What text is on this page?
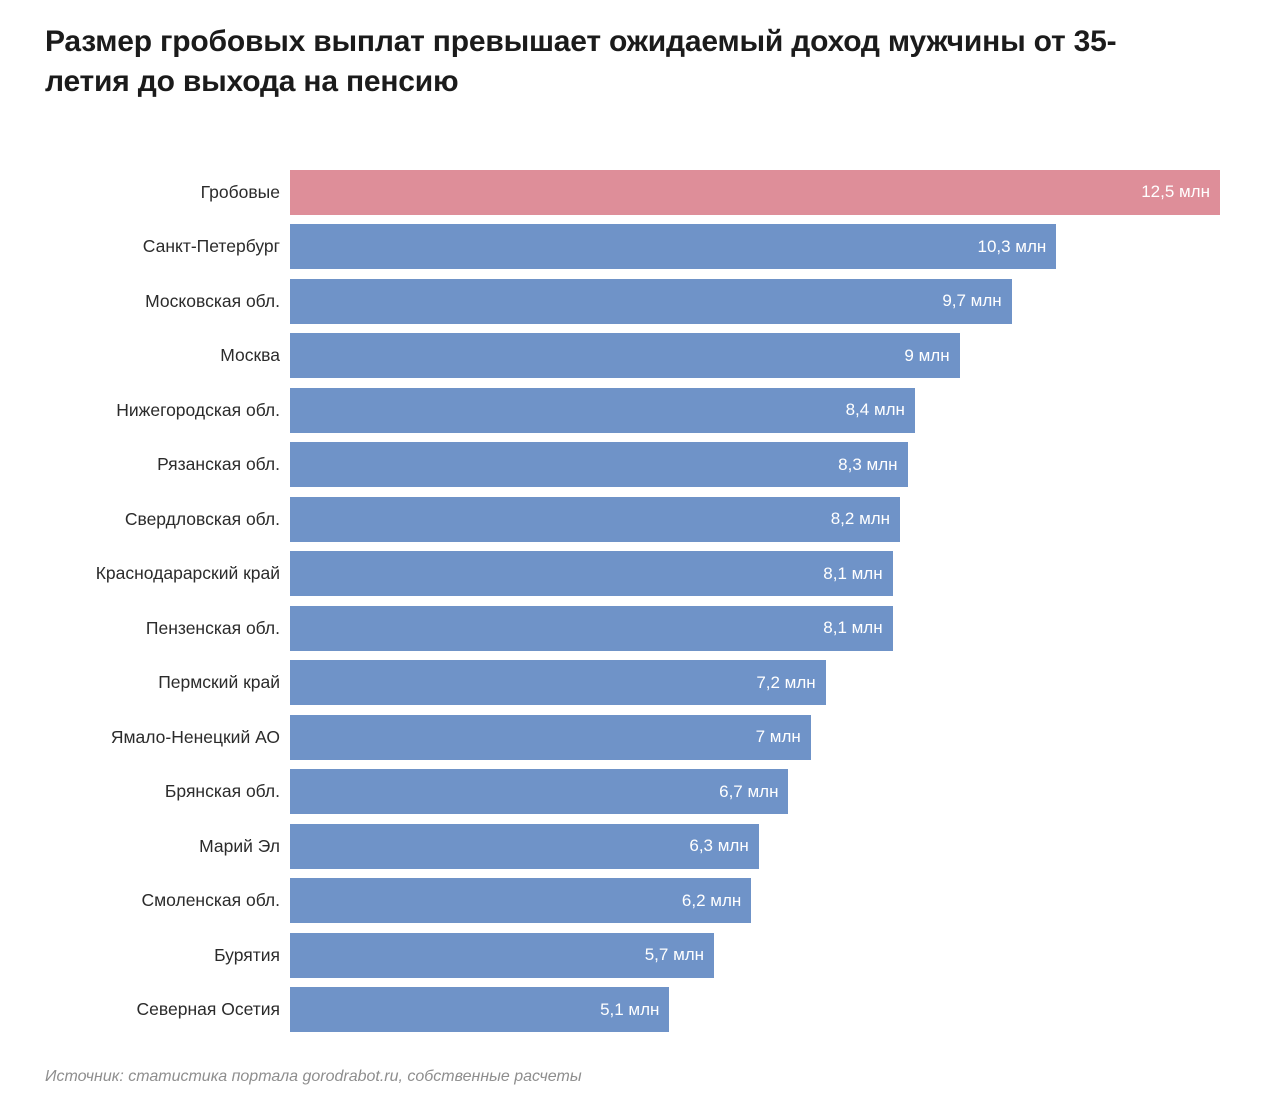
Размер гробовых выплат превышает ожидаемый доход мужчины от 35-летия до выхода на пенсию
Гробовые	12,5 млн
Санкт-Петербург	10,3 млн
Московская обл.	9,7 млн
Москва	9 млн
Нижегородская обл.	8,4 млн
Рязанская обл.	8,3 млн
Свердловская обл.	8,2 млн
Краснодарарский край	8,1 млн
Пензенская обл.	8,1 млн
Пермский край	7,2 млн
Ямало-Ненецкий АО	7 млн
Брянская обл.	6,7 млн
Марий Эл	6,3 млн
Смоленская обл.	6,2 млн
Бурятия	5,7 млн
Северная Осетия	5,1 млн
Источник: статистика портала gorodrabot.ru, собственные расчеты
